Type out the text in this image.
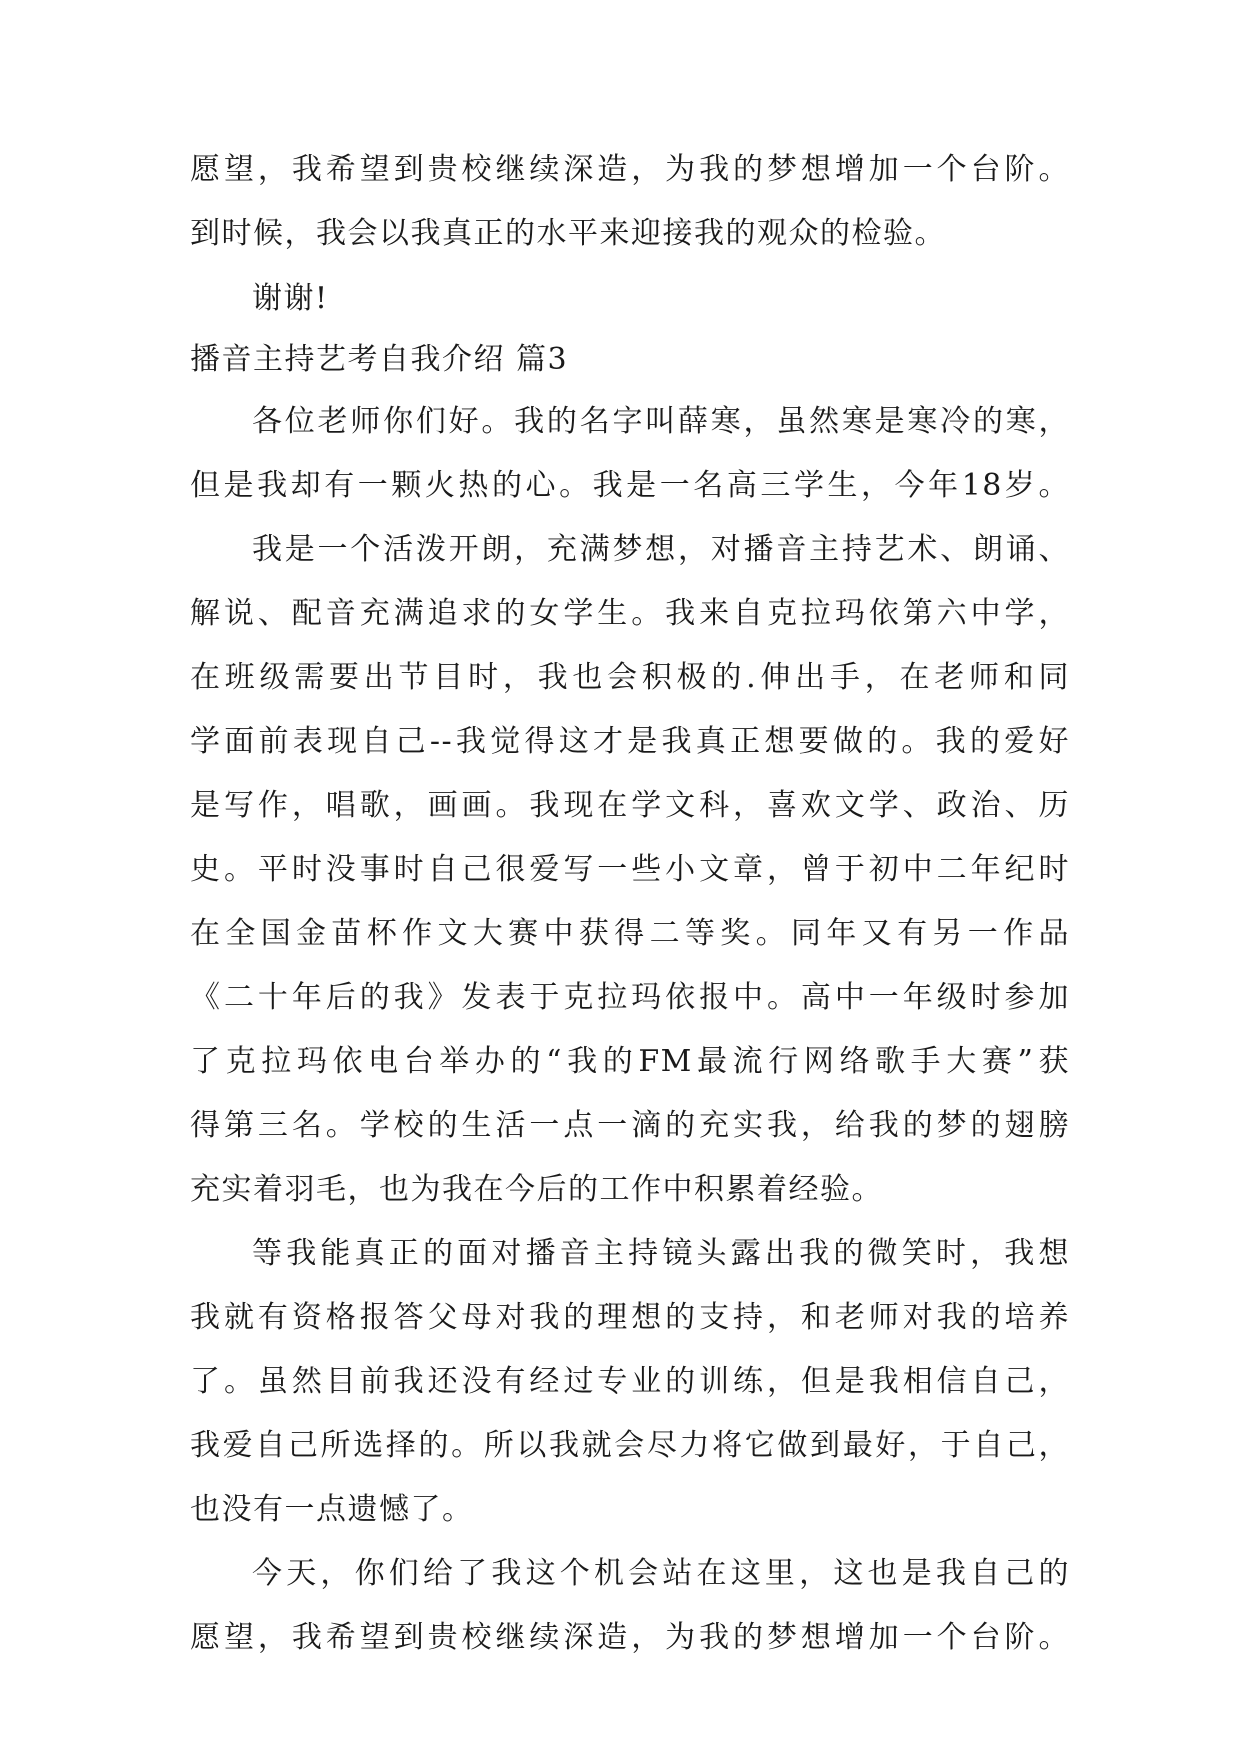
愿望，我希望到贵校继续深造，为我的梦想增加一个台阶。
到时候，我会以我真正的水平来迎接我的观众的检验。
谢谢!
播音主持艺考自我介绍 篇3
各位老师你们好。我的名字叫薛寒，虽然寒是寒冷的寒，
但是我却有一颗火热的心。我是一名高三学生，今年18岁。
我是一个活泼开朗，充满梦想，对播音主持艺术、朗诵、
解说、配音充满追求的女学生。我来自克拉玛依第六中学，
在班级需要出节目时，我也会积极的.伸出手，在老师和同
学面前表现自己--我觉得这才是我真正想要做的。我的爱好
是写作，唱歌，画画。我现在学文科，喜欢文学、政治、历
史。平时没事时自己很爱写一些小文章，曾于初中二年纪时
在全国金苗杯作文大赛中获得二等奖。同年又有另一作品
《二十年后的我》发表于克拉玛依报中。高中一年级时参加
了克拉玛依电台举办的“我的FM最流行网络歌手大赛”获
得第三名。学校的生活一点一滴的充实我，给我的梦的翅膀
充实着羽毛，也为我在今后的工作中积累着经验。
等我能真正的面对播音主持镜头露出我的微笑时，我想
我就有资格报答父母对我的理想的支持，和老师对我的培养
了。虽然目前我还没有经过专业的训练，但是我相信自己，
我爱自己所选择的。所以我就会尽力将它做到最好，于自己，
也没有一点遗憾了。
今天，你们给了我这个机会站在这里，这也是我自己的
愿望，我希望到贵校继续深造，为我的梦想增加一个台阶。
